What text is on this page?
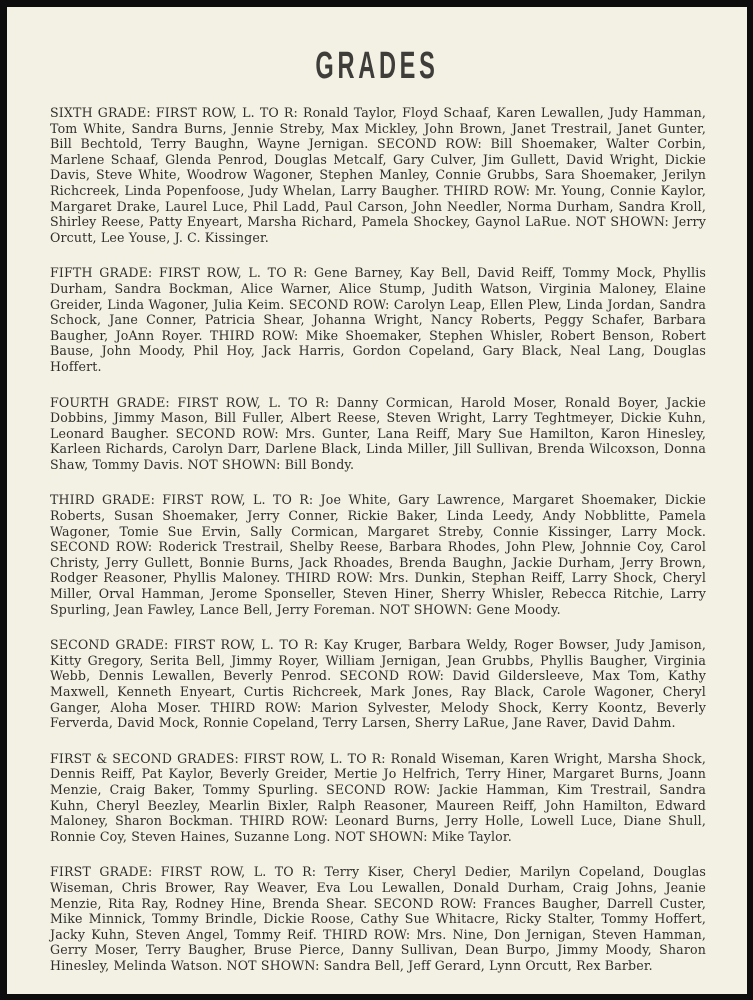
GRADES

SIXTH GRADE: FIRST ROW, L. TO R: Ronald Taylor, Floyd Schaaf, Karen Lewallen, Judy Hamman, Tom White, Sandra Burns, Jennie Streby, Max Mickley, John Brown, Janet Trestrail, Janet Gunter, Bill Bechtold, Terry Baughn, Wayne Jernigan. SECOND ROW: Bill Shoemaker, Walter Corbin, Marlene Schaaf, Glenda Penrod, Douglas Metcalf, Gary Culver, Jim Gullett, David Wright, Dickie Davis, Steve White, Woodrow Wagoner, Stephen Manley, Connie Grubbs, Sara Shoemaker, Jerilyn Richcreek, Linda Popenfoose, Judy Whelan, Larry Baugher. THIRD ROW: Mr. Young, Connie Kaylor, Margaret Drake, Laurel Luce, Phil Ladd, Paul Carson, John Needler, Norma Durham, Sandra Kroll, Shirley Reese, Patty Enyeart, Marsha Richard, Pamela Shockey, Gaynol LaRue. NOT SHOWN: Jerry Orcutt, Lee Youse, J. C. Kissinger.

FIFTH GRADE: FIRST ROW, L. TO R: Gene Barney, Kay Bell, David Reiff, Tommy Mock, Phyllis Durham, Sandra Bockman, Alice Warner, Alice Stump, Judith Watson, Virginia Maloney, Elaine Greider, Linda Wagoner, Julia Keim. SECOND ROW: Carolyn Leap, Ellen Plew, Linda Jordan, Sandra Schock, Jane Conner, Patricia Shear, Johanna Wright, Nancy Roberts, Peggy Schafer, Barbara Baugher, JoAnn Royer. THIRD ROW: Mike Shoemaker, Stephen Whisler, Robert Benson, Robert Bause, John Moody, Phil Hoy, Jack Harris, Gordon Copeland, Gary Black, Neal Lang, Douglas Hoffert.

FOURTH GRADE: FIRST ROW, L. TO R: Danny Cormican, Harold Moser, Ronald Boyer, Jackie Dobbins, Jimmy Mason, Bill Fuller, Albert Reese, Steven Wright, Larry Teghtmeyer, Dickie Kuhn, Leonard Baugher. SECOND ROW: Mrs. Gunter, Lana Reiff, Mary Sue Hamilton, Karon Hinesley, Karleen Richards, Carolyn Darr, Darlene Black, Linda Miller, Jill Sullivan, Brenda Wilcoxson, Donna Shaw, Tommy Davis. NOT SHOWN: Bill Bondy.

THIRD GRADE: FIRST ROW, L. TO R: Joe White, Gary Lawrence, Margaret Shoemaker, Dickie Roberts, Susan Shoemaker, Jerry Conner, Rickie Baker, Linda Leedy, Andy Nobblitte, Pamela Wagoner, Tomie Sue Ervin, Sally Cormican, Margaret Streby, Connie Kissinger, Larry Mock. SECOND ROW: Roderick Trestrail, Shelby Reese, Barbara Rhodes, John Plew, Johnnie Coy, Carol Christy, Jerry Gullett, Bonnie Burns, Jack Rhoades, Brenda Baughn, Jackie Durham, Jerry Brown, Rodger Reasoner, Phyllis Maloney. THIRD ROW: Mrs. Dunkin, Stephan Reiff, Larry Shock, Cheryl Miller, Orval Hamman, Jerome Sponseller, Steven Hiner, Sherry Whisler, Rebecca Ritchie, Larry Spurling, Jean Fawley, Lance Bell, Jerry Foreman. NOT SHOWN: Gene Moody.

SECOND GRADE: FIRST ROW, L. TO R: Kay Kruger, Barbara Weldy, Roger Bowser, Judy Jamison, Kitty Gregory, Serita Bell, Jimmy Royer, William Jernigan, Jean Grubbs, Phyllis Baugher, Virginia Webb, Dennis Lewallen, Beverly Penrod. SECOND ROW: David Gildersleeve, Max Tom, Kathy Maxwell, Kenneth Enyeart, Curtis Richcreek, Mark Jones, Ray Black, Carole Wagoner, Cheryl Ganger, Aloha Moser. THIRD ROW: Marion Sylvester, Melody Shock, Kerry Koontz, Beverly Ferverda, David Mock, Ronnie Copeland, Terry Larsen, Sherry LaRue, Jane Raver, David Dahm.

FIRST & SECOND GRADES: FIRST ROW, L. TO R: Ronald Wiseman, Karen Wright, Marsha Shock, Dennis Reiff, Pat Kaylor, Beverly Greider, Mertie Jo Helfrich, Terry Hiner, Margaret Burns, Joann Menzie, Craig Baker, Tommy Spurling. SECOND ROW: Jackie Hamman, Kim Trestrail, Sandra Kuhn, Cheryl Beezley, Mearlin Bixler, Ralph Reasoner, Maureen Reiff, John Hamilton, Edward Maloney, Sharon Bockman. THIRD ROW: Leonard Burns, Jerry Holle, Lowell Luce, Diane Shull, Ronnie Coy, Steven Haines, Suzanne Long. NOT SHOWN: Mike Taylor.

FIRST GRADE: FIRST ROW, L. TO R: Terry Kiser, Cheryl Dedier, Marilyn Copeland, Douglas Wiseman, Chris Brower, Ray Weaver, Eva Lou Lewallen, Donald Durham, Craig Johns, Jeanie Menzie, Rita Ray, Rodney Hine, Brenda Shear. SECOND ROW: Frances Baugher, Darrell Custer, Mike Minnick, Tommy Brindle, Dickie Roose, Cathy Sue Whitacre, Ricky Stalter, Tommy Hoffert, Jacky Kuhn, Steven Angel, Tommy Reif. THIRD ROW: Mrs. Nine, Don Jernigan, Steven Hamman, Gerry Moser, Terry Baugher, Bruse Pierce, Danny Sullivan, Dean Burpo, Jimmy Moody, Sharon Hinesley, Melinda Watson. NOT SHOWN: Sandra Bell, Jeff Gerard, Lynn Orcutt, Rex Barber.
